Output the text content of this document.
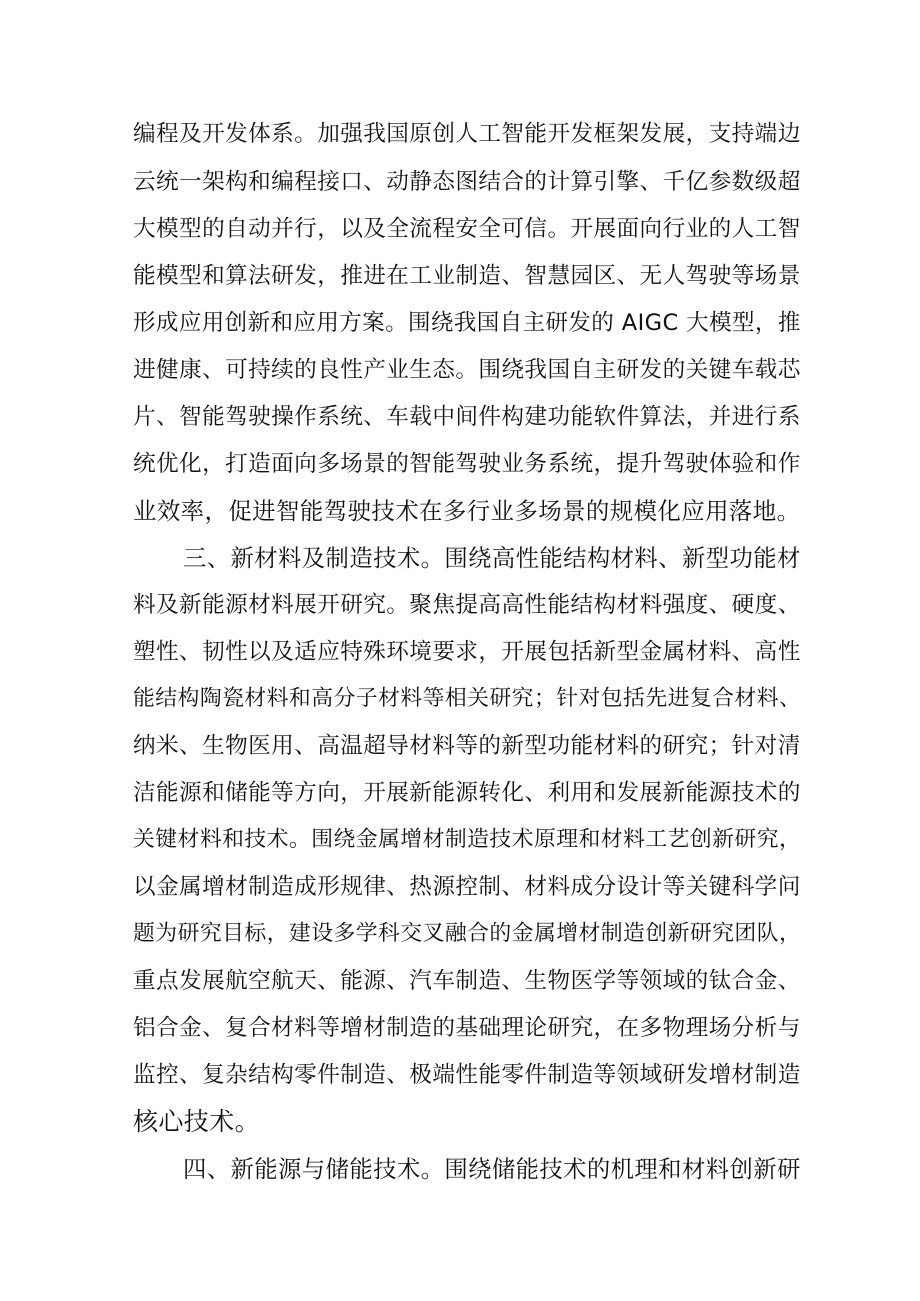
编程及开发体系。加强我国原创人工智能开发框架发展，支持端边
云统一架构和编程接口、动静态图结合的计算引擎、千亿参数级超
大模型的自动并行，以及全流程安全可信。开展面向行业的人工智
能模型和算法研发，推进在工业制造、智慧园区、无人驾驶等场景
形成应用创新和应用方案。围绕我国自主研发的 AIGC 大模型，推
进健康、可持续的良性产业生态。围绕我国自主研发的关键车载芯
片、智能驾驶操作系统、车载中间件构建功能软件算法，并进行系
统优化，打造面向多场景的智能驾驶业务系统，提升驾驶体验和作
业效率，促进智能驾驶技术在多行业多场景的规模化应用落地。
三、新材料及制造技术。围绕高性能结构材料、新型功能材
料及新能源材料展开研究。聚焦提高高性能结构材料强度、硬度、
塑性、韧性以及适应特殊环境要求，开展包括新型金属材料、高性
能结构陶瓷材料和高分子材料等相关研究；针对包括先进复合材料、
纳米、生物医用、高温超导材料等的新型功能材料的研究；针对清
洁能源和储能等方向，开展新能源转化、利用和发展新能源技术的
关键材料和技术。围绕金属增材制造技术原理和材料工艺创新研究，
以金属增材制造成形规律、热源控制、材料成分设计等关键科学问
题为研究目标，建设多学科交叉融合的金属增材制造创新研究团队，
重点发展航空航天、能源、汽车制造、生物医学等领域的钛合金、
铝合金、复合材料等增材制造的基础理论研究，在多物理场分析与
监控、复杂结构零件制造、极端性能零件制造等领域研发增材制造
核心技术。
四、新能源与储能技术。围绕储能技术的机理和材料创新研
